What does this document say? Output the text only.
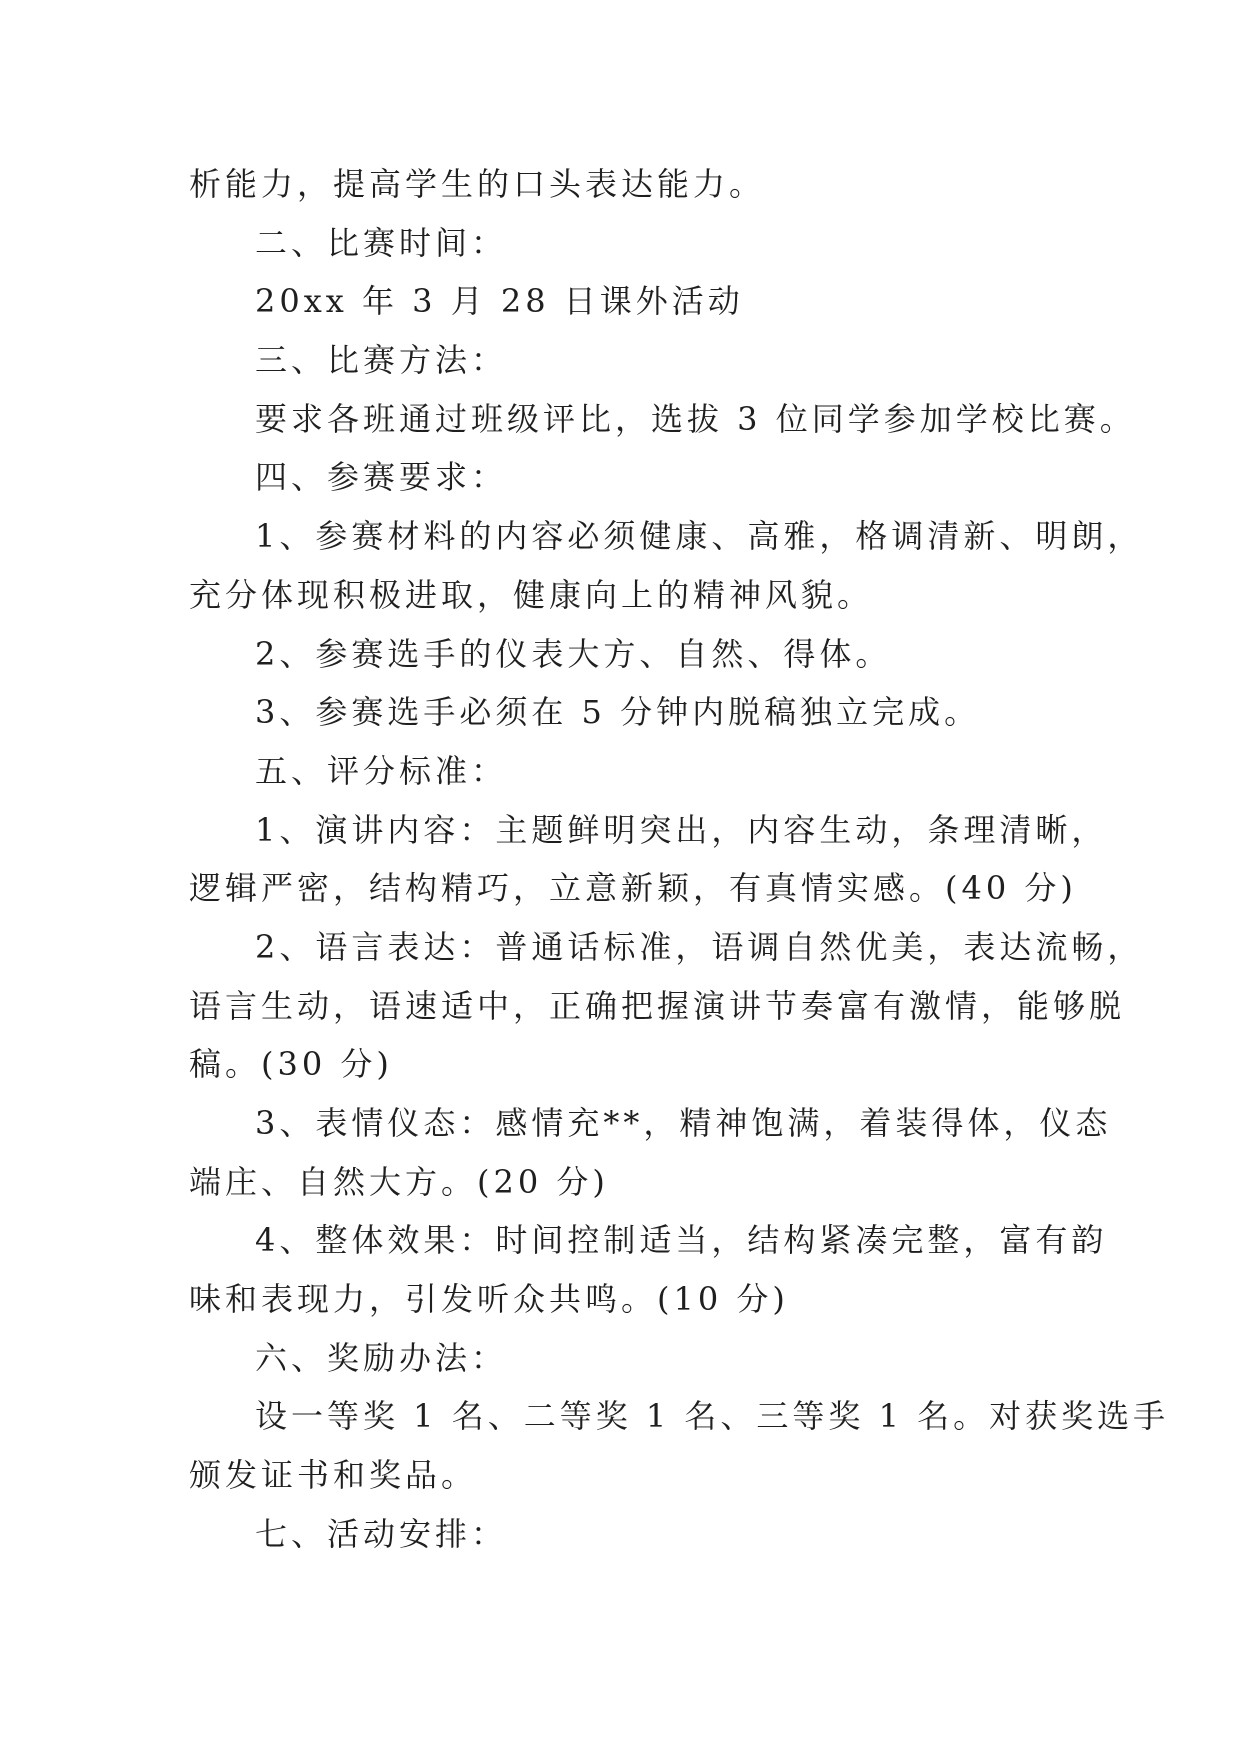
析能力，提高学生的口头表达能力。
二、比赛时间：
20xx 年 3 月 28 日课外活动
三、比赛方法：
要求各班通过班级评比，选拔 3 位同学参加学校比赛。
四、参赛要求：
1、参赛材料的内容必须健康、高雅，格调清新、明朗，
充分体现积极进取，健康向上的精神风貌。
2、参赛选手的仪表大方、自然、得体。
3、参赛选手必须在 5 分钟内脱稿独立完成。
五、评分标准：
1、演讲内容：主题鲜明突出，内容生动，条理清晰，
逻辑严密，结构精巧，立意新颖，有真情实感。(40 分)
2、语言表达：普通话标准，语调自然优美，表达流畅，
语言生动，语速适中，正确把握演讲节奏富有激情，能够脱
稿。(30 分)
3、表情仪态：感情充**，精神饱满，着装得体，仪态
端庄、自然大方。(20 分)
4、整体效果：时间控制适当，结构紧凑完整，富有韵
味和表现力，引发听众共鸣。(10 分)
六、奖励办法：
设一等奖 1 名、二等奖 1 名、三等奖 1 名。对获奖选手
颁发证书和奖品。
七、活动安排：
